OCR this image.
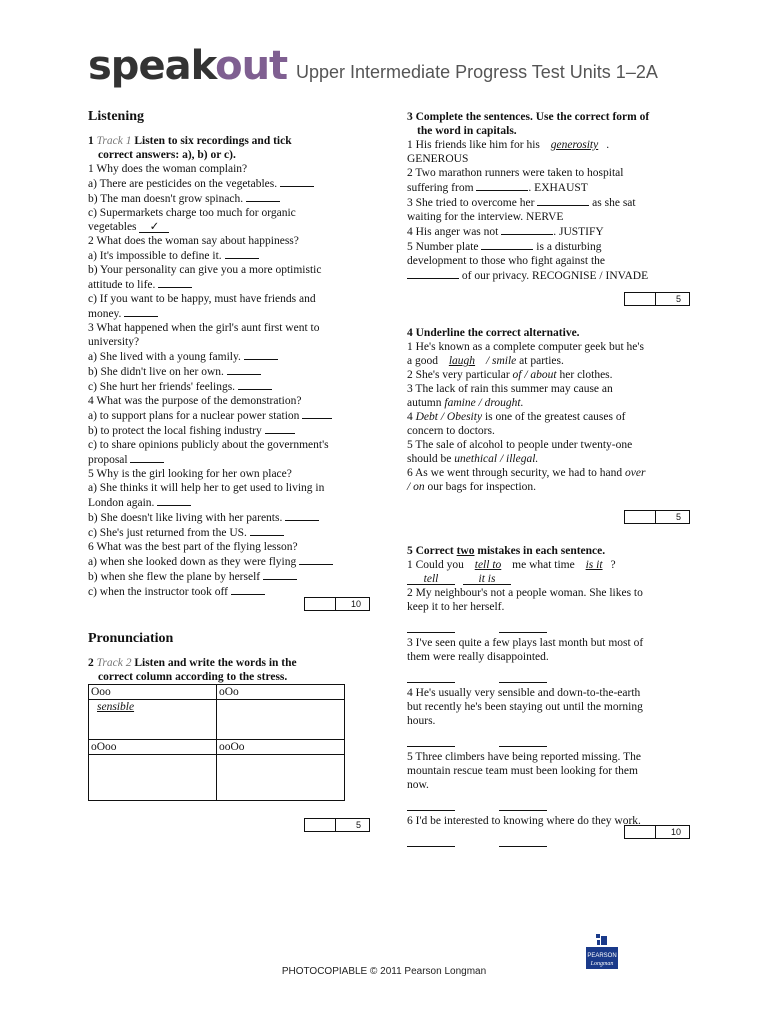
speakout Upper Intermediate Progress Test Units 1–2A
Listening
1 Track 1 Listen to six recordings and tick
correct answers: a), b) or c).
1 Why does the woman complain?
a) There are pesticides on the vegetables.
b) The man doesn't grow spinach.
c) Supermarkets charge too much for organic
vegetables ✓
2 What does the woman say about happiness?
a) It's impossible to define it.
b) Your personality can give you a more optimistic
attitude to life.
c) If you want to be happy, must have friends and
money.
3 What happened when the girl's aunt first went to
university?
a) She lived with a young family.
b) She didn't live on her own.
c) She hurt her friends' feelings.
4 What was the purpose of the demonstration?
a) to support plans for a nuclear power station
b) to protect the local fishing industry
c) to share opinions publicly about the government's
proposal
5 Why is the girl looking for her own place?
a) She thinks it will help her to get used to living in
London again.
b) She doesn't like living with her parents.
c) She's just returned from the US.
6 What was the best part of the flying lesson?
a) when she looked down as they were flying
b) when she flew the plane by herself
c) when the instructor took off
10
Pronunciation
2 Track 2 Listen and write the words in the
correct column according to the stress.
Ooo	oOo
sensible	
oOoo	ooOo

5
3 Complete the sentences. Use the correct form of
the word in capitals.
1 His friends like him for his generosity .
GENEROUS
2 Two marathon runners were taken to hospital
suffering from	. EXHAUST
3 She tried to overcome her	as she sat
waiting for the interview. NERVE
4 His anger was not	. JUSTIFY
5 Number plate	is a disturbing
development to those who fight against the
of our privacy. RECOGNISE / INVADE
5
4 Underline the correct alternative.
1 He's known as a complete computer geek but he's
a good laugh / smile at parties.
2 She's very particular of / about her clothes.
3 The lack of rain this summer may cause an
autumn famine / drought.
4 Debt / Obesity is one of the greatest causes of
concern to doctors.
5 The sale of alcohol to people under twenty-one
should be unethical / illegal.
6 As we went through security, we had to hand over
/ on our bags for inspection.
5
5 Correct two mistakes in each sentence.
1 Could you tell to me what time is it ?
tell	it is
2 My neighbour's not a people woman. She likes to
keep it to her herself.
3 I've seen quite a few plays last month but most of
them were really disappointed.
4 He's usually very sensible and down-to-the-earth
but recently he's been staying out until the morning
hours.
5 Three climbers have being reported missing. The
mountain rescue team must been looking for them
now.
6 I'd be interested to knowing where do they work.
10
PEARSON
Longman
PHOTOCOPIABLE © 2011 Pearson Longman
